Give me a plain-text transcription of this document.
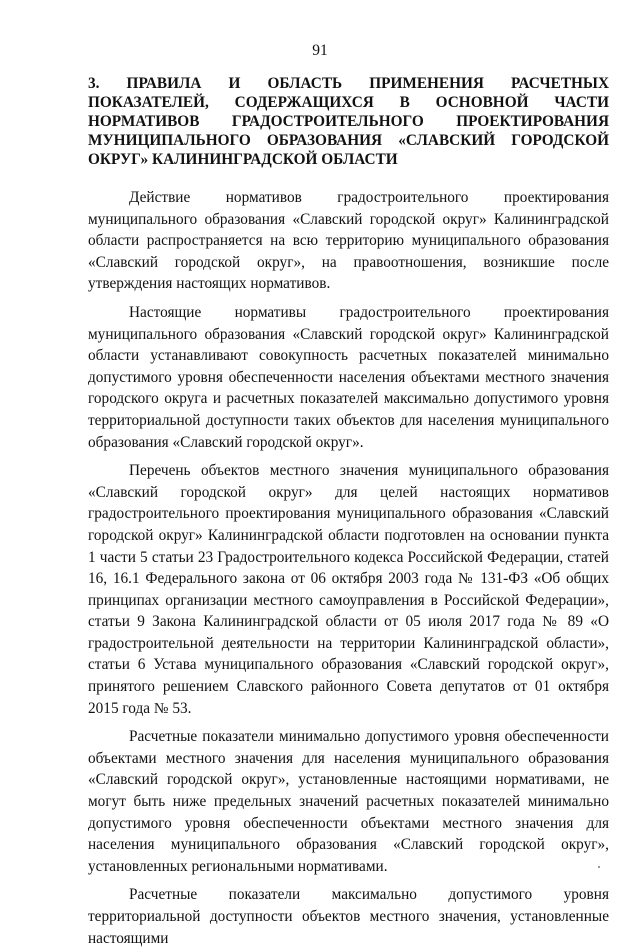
91
3. ПРАВИЛА И ОБЛАСТЬ ПРИМЕНЕНИЯ РАСЧЕТНЫХ ПОКАЗАТЕЛЕЙ, СОДЕРЖАЩИХСЯ В ОСНОВНОЙ ЧАСТИ НОРМАТИВОВ ГРАДОСТРОИТЕЛЬНОГО ПРОЕКТИРОВАНИЯ МУНИЦИПАЛЬНОГО ОБРАЗОВАНИЯ «СЛАВСКИЙ ГОРОДСКОЙ ОКРУГ» КАЛИНИНГРАДСКОЙ ОБЛАСТИ

Действие нормативов градостроительного проектирования муниципального образования «Славский городской округ» Калининградской области распространяется на всю территорию муниципального образования «Славский городской округ», на правоотношения, возникшие после утверждения настоящих нормативов.

Настоящие нормативы градостроительного проектирования муниципального образования «Славский городской округ» Калининградской области устанавливают совокупность расчетных показателей минимально допустимого уровня обеспеченности населения объектами местного значения городского округа и расчетных показателей максимально допустимого уровня территориальной доступности таких объектов для населения муниципального образования «Славский городской округ».

Перечень объектов местного значения муниципального образования «Славский городской округ» для целей настоящих нормативов градостроительного проектирования муниципального образования «Славский городской округ» Калининградской области подготовлен на основании пункта 1 части 5 статьи 23 Градостроительного кодекса Российской Федерации, статей 16, 16.1 Федерального закона от 06 октября 2003 года № 131-ФЗ «Об общих принципах организации местного самоуправления в Российской Федерации», статьи 9 Закона Калининградской области от 05 июля 2017 года № 89 «О градостроительной деятельности на территории Калининградской области», статьи 6 Устава муниципального образования «Славский городской округ», принятого решением Славского районного Совета депутатов от 01 октября 2015 года № 53.

Расчетные показатели минимально допустимого уровня обеспеченности объектами местного значения для населения муниципального образования «Славский городской округ», установленные настоящими нормативами, не могут быть ниже предельных значений расчетных показателей минимально допустимого уровня обеспеченности объектами местного значения для населения муниципального образования «Славский городской округ», установленных региональными нормативами.

Расчетные показатели максимально допустимого уровня территориальной доступности объектов местного значения, установленные настоящими
